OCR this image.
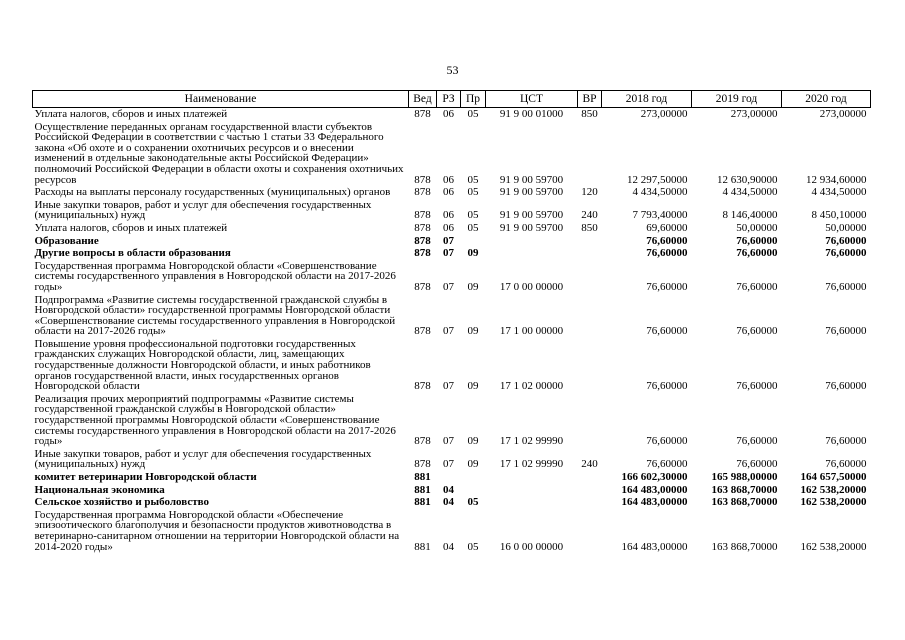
53
Наименование	Вед	РЗ	Пр	ЦСТ	ВР	2018 год	2019 год	2020 год
Уплата налогов, сборов и иных платежей	878	06	05	91 9 00 01000	850	273,00000	273,00000	273,00000
Осуществление переданных органам государственной власти субъектов Российской Федерации в соответствии с частью 1 статьи 33 Федерального закона «Об охоте и о сохранении охотничьих ресурсов и о внесении изменений в отдельные законодательные акты Российской Федерации» полномочий Российской Федерации в области охоты и сохранения охотничьих ресурсов	878	06	05	91 9 00 59700		12 297,50000	12 630,90000	12 934,60000
Расходы на выплаты персоналу государственных (муниципальных) органов	878	06	05	91 9 00 59700	120	4 434,50000	4 434,50000	4 434,50000
Иные закупки товаров, работ и услуг для обеспечения государственных (муниципальных) нужд	878	06	05	91 9 00 59700	240	7 793,40000	8 146,40000	8 450,10000
Уплата налогов, сборов и иных платежей	878	06	05	91 9 00 59700	850	69,60000	50,00000	50,00000
Образование	878	07				76,60000	76,60000	76,60000
Другие вопросы в области образования	878	07	09			76,60000	76,60000	76,60000
Государственная программа Новгородской области «Совершенствование системы государственного управления в Новгородской области на 2017-2026 годы»	878	07	09	17 0 00 00000		76,60000	76,60000	76,60000
Подпрограмма «Развитие системы государственной гражданской службы в Новгородской области» государственной программы Новгородской области «Совершенствование системы государственного управления в Новгородской области на 2017-2026 годы»	878	07	09	17 1 00 00000		76,60000	76,60000	76,60000
Повышение уровня профессиональной подготовки государственных гражданских служащих Новгородской области, лиц, замещающих государственные должности Новгородской области, и иных работников органов государственной власти, иных государственных органов Новгородской области	878	07	09	17 1 02 00000		76,60000	76,60000	76,60000
Реализация прочих мероприятий подпрограммы «Развитие системы государственной гражданской службы в Новгородской области» государственной программы Новгородской области «Совершенствование системы государственного управления в Новгородской области на 2017-2026 годы»	878	07	09	17 1 02 99990		76,60000	76,60000	76,60000
Иные закупки товаров, работ и услуг для обеспечения государственных (муниципальных) нужд	878	07	09	17 1 02 99990	240	76,60000	76,60000	76,60000
комитет ветеринарии Новгородской области	881					166 602,30000	165 988,00000	164 657,50000
Национальная экономика	881	04				164 483,00000	163 868,70000	162 538,20000
Сельское хозяйство и рыболовство	881	04	05			164 483,00000	163 868,70000	162 538,20000
Государственная программа Новгородской области «Обеспечение эпизоотического благополучия и безопасности продуктов животноводства в ветеринарно-санитарном отношении на территории Новгородской области на 2014-2020 годы»	881	04	05	16 0 00 00000		164 483,00000	163 868,70000	162 538,20000
